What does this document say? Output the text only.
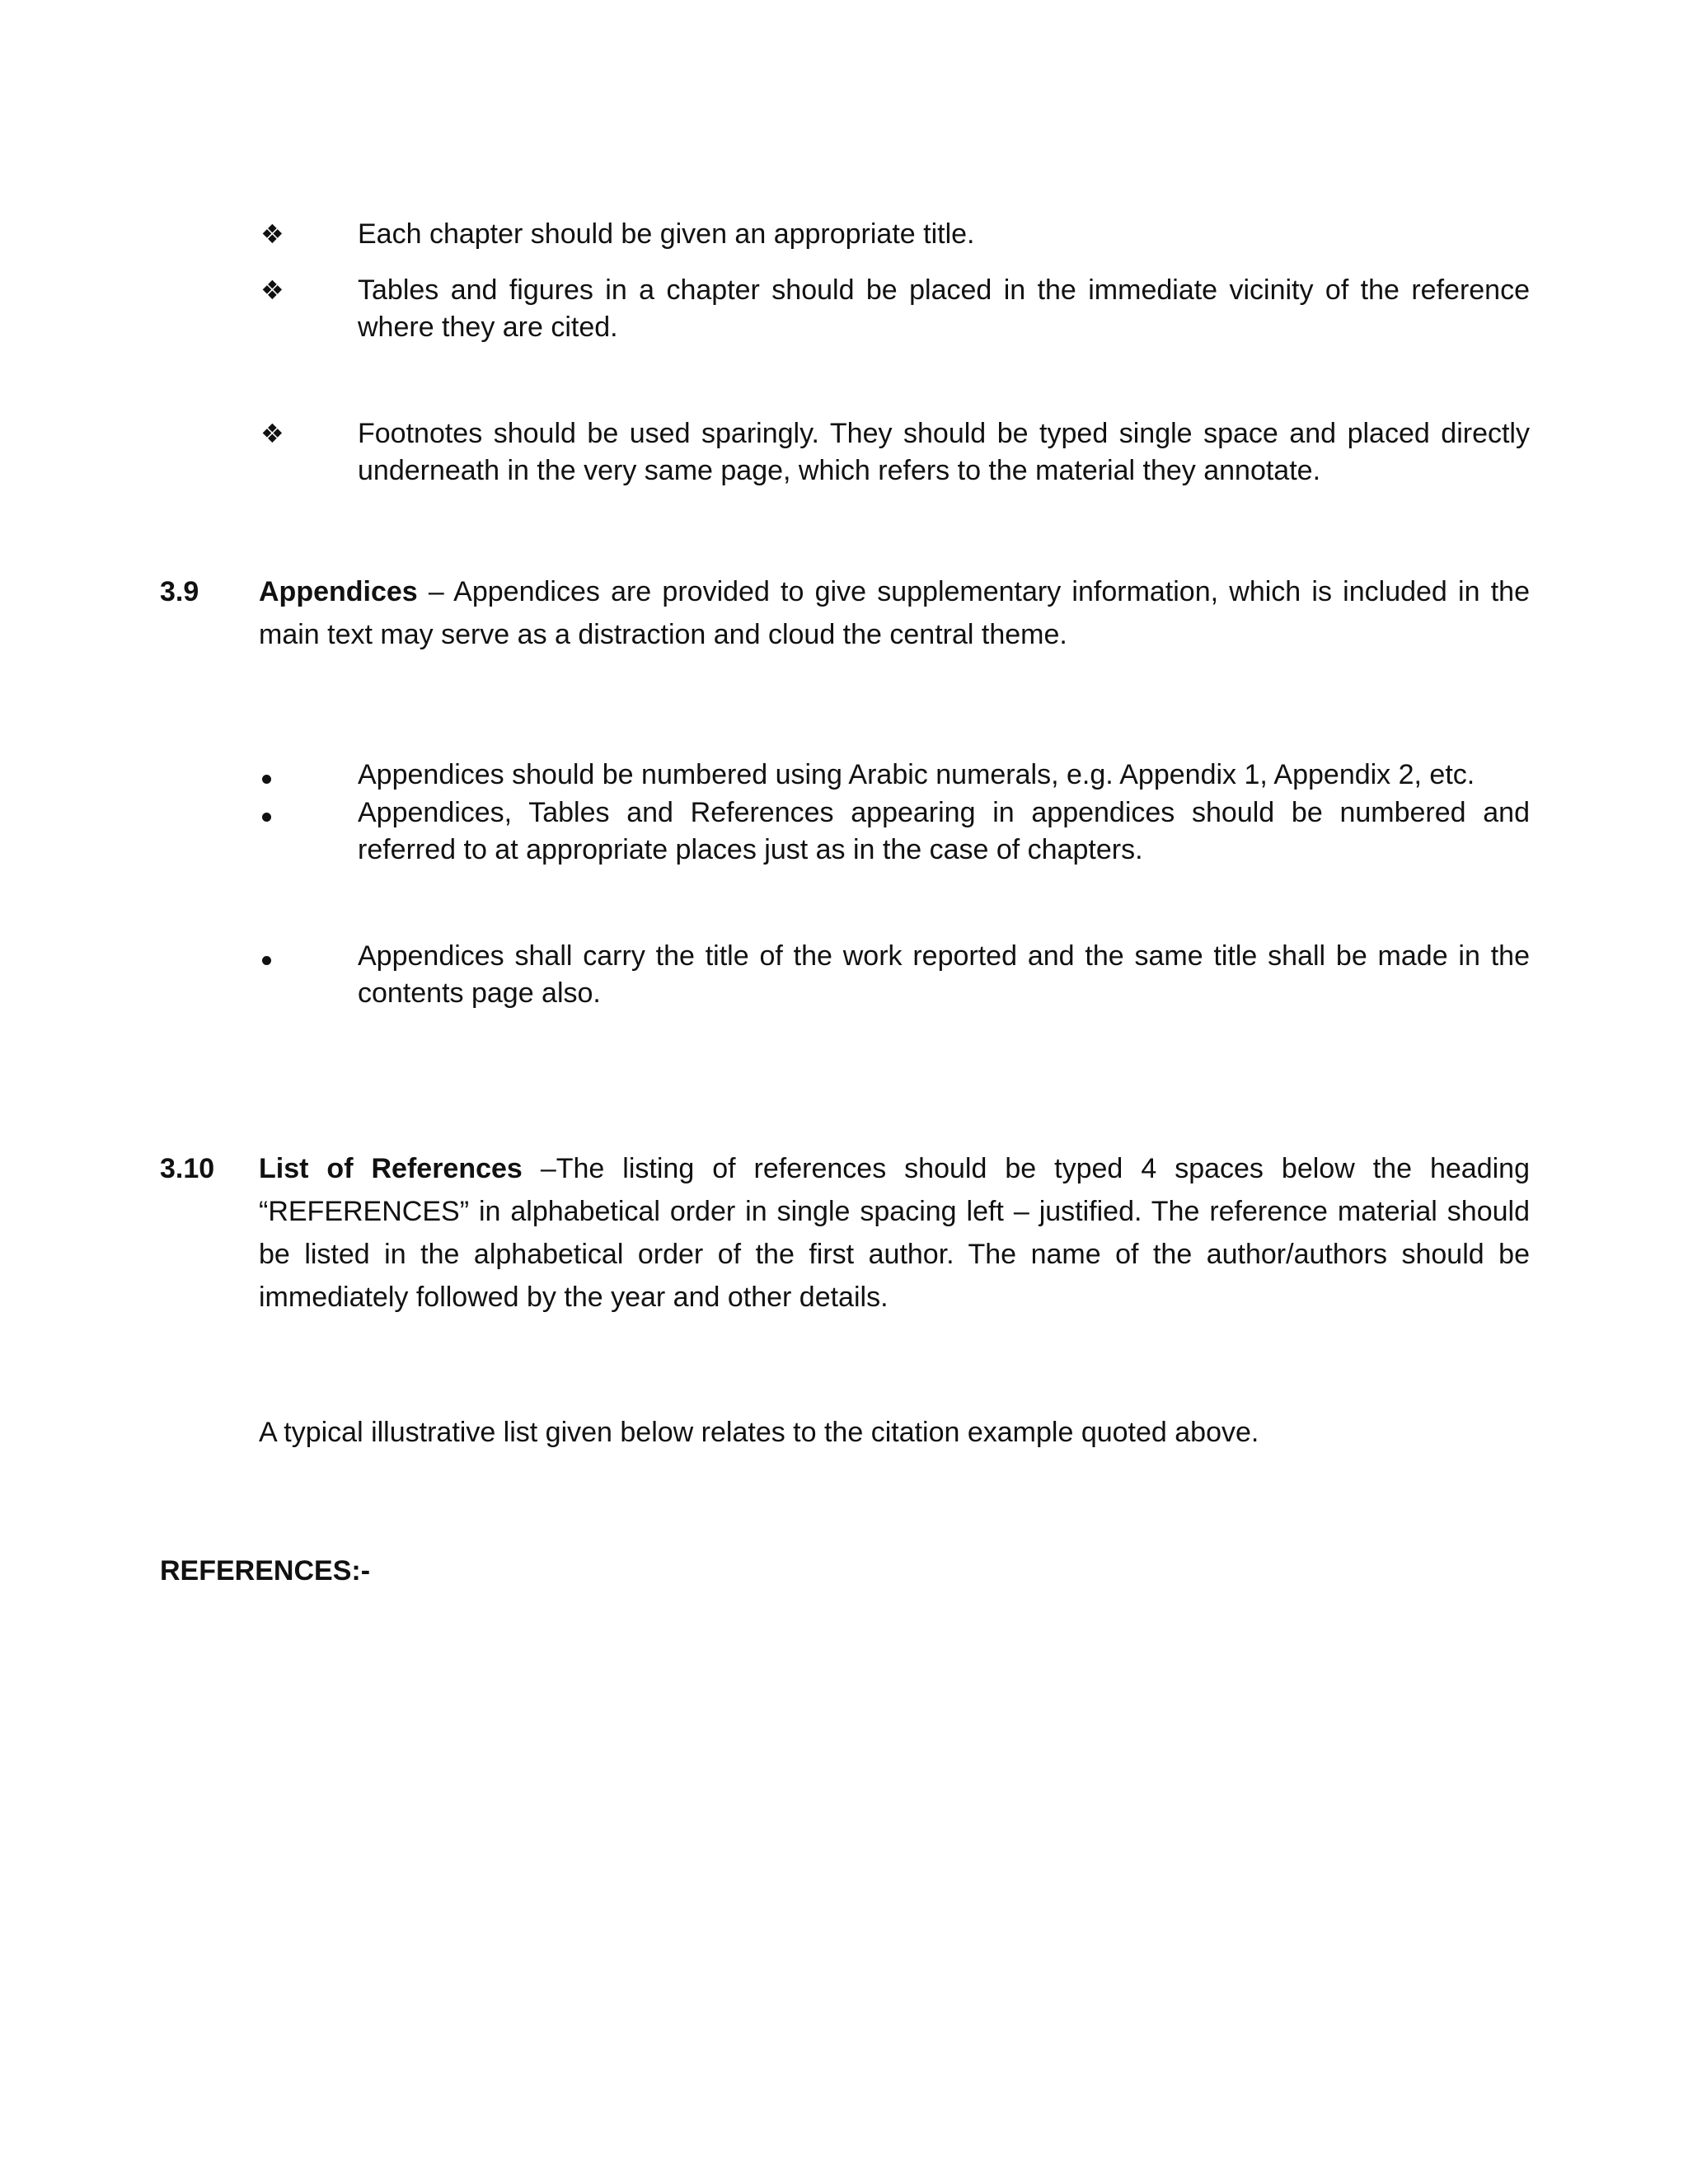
❖	Each chapter should be given an appropriate title.
❖	Tables and figures in a chapter should be placed in the immediate vicinity of the reference where they are cited.
❖	Footnotes should be used sparingly. They should be typed single space and placed directly underneath in the very same page, which refers to the material they annotate.
3.9 Appendices – Appendices are provided to give supplementary information, which is included in the main text may serve as a distraction and cloud the central theme.
Appendices should be numbered using Arabic numerals, e.g. Appendix 1, Appendix 2, etc.
Appendices, Tables and References appearing in appendices should be numbered and referred to at appropriate places just as in the case of chapters.
Appendices shall carry the title of the work reported and the same title shall be made in the contents page also.
3.10 List of References –The listing of references should be typed 4 spaces below the heading “REFERENCES” in alphabetical order in single spacing left – justified. The reference material should be listed in the alphabetical order of the first author. The name of the author/authors should be immediately followed by the year and other details.
A typical illustrative list given below relates to the citation example quoted above.
REFERENCES:-
